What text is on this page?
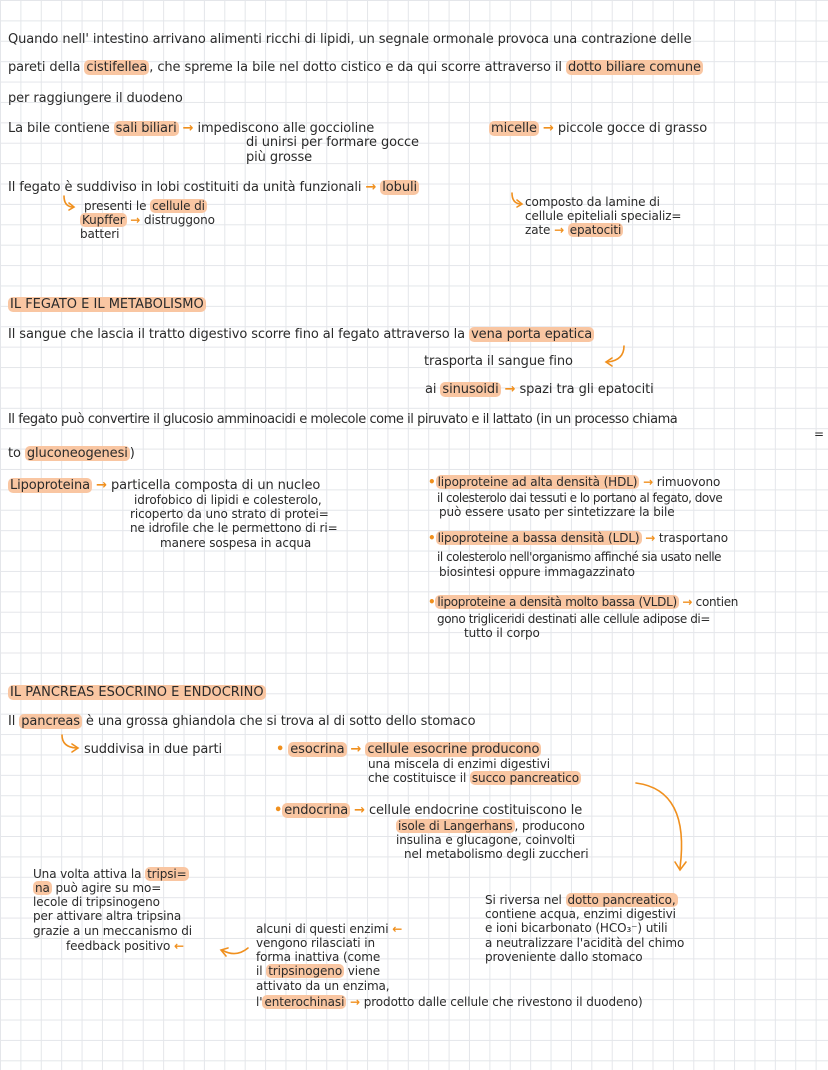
Quando nell' intestino arrivano alimenti ricchi di lipidi, un segnale ormonale provoca una contrazione delle
pareti della cistifellea , che spreme la bile nel dotto cistico e da qui scorre attraverso il dotto biliare comune
per raggiungere il duodeno
La bile contiene sali biliari → impediscono alle goccioline
di unirsi per formare gocce
più grosse
micelle → piccole gocce di grasso
Il fegato è suddiviso in lobi costituiti da unità funzionali → lobuli
presenti le cellule di
Kupffer → distruggono
batteri
composto da lamine di
cellule epiteliali specializ=
zate → epatociti
IL FEGATO E IL METABOLISMO
Il sangue che lascia il tratto digestivo scorre fino al fegato attraverso la vena porta epatica
trasporta il sangue fino
ai sinusoidi → spazi tra gli epatociti
Il fegato può convertire il glucosio amminoacidi e molecole come il piruvato e il lattato (in un processo chiama
=
to gluconeogenesi )
Lipoproteina → particella composta di un nucleo
idrofobico di lipidi e colesterolo,
ricoperto da uno strato di protei=
ne idrofile che le permettono di ri=
manere sospesa in acqua
• lipoproteine ad alta densità (HDL) → rimuovono
il colesterolo dai tessuti e lo portano al fegato, dove
può essere usato per sintetizzare la bile
• lipoproteine a bassa densità (LDL) → trasportano
il colesterolo nell'organismo affinché sia usato nelle
biosintesi oppure immagazzinato
• lipoproteine a densità molto bassa (VLDL) → contien
gono trigliceridi destinati alle cellule adipose di=
tutto il corpo
IL PANCREAS ESOCRINO E ENDOCRINO
Il pancreas è una grossa ghiandola che si trova al di sotto dello stomaco
suddivisa in due parti	• esocrina → cellule esocrine producono
una miscela di enzimi digestivi
che costituisce il succo pancreatico
• endocrina → cellule endocrine costituiscono le
isole di Langerhans , producono
insulina e glucagone, coinvolti
nel metabolismo degli zuccheri
Una volta attiva la tripsi=
na può agire su mo=
lecole di tripsinogeno
per attivare altra tripsina
grazie a un meccanismo di
feedback positivo ←
alcuni di questi enzimi ←
vengono rilasciati in
forma inattiva (come
il tripsinogeno viene
attivato da un enzima,
l' enterochinasi → prodotto dalle cellule che rivestono il duodeno)
Si riversa nel dotto pancreatico,
contiene acqua, enzimi digestivi
e ioni bicarbonato (HCO₃⁻) utili
a neutralizzare l'acidità del chimo
proveniente dallo stomaco
